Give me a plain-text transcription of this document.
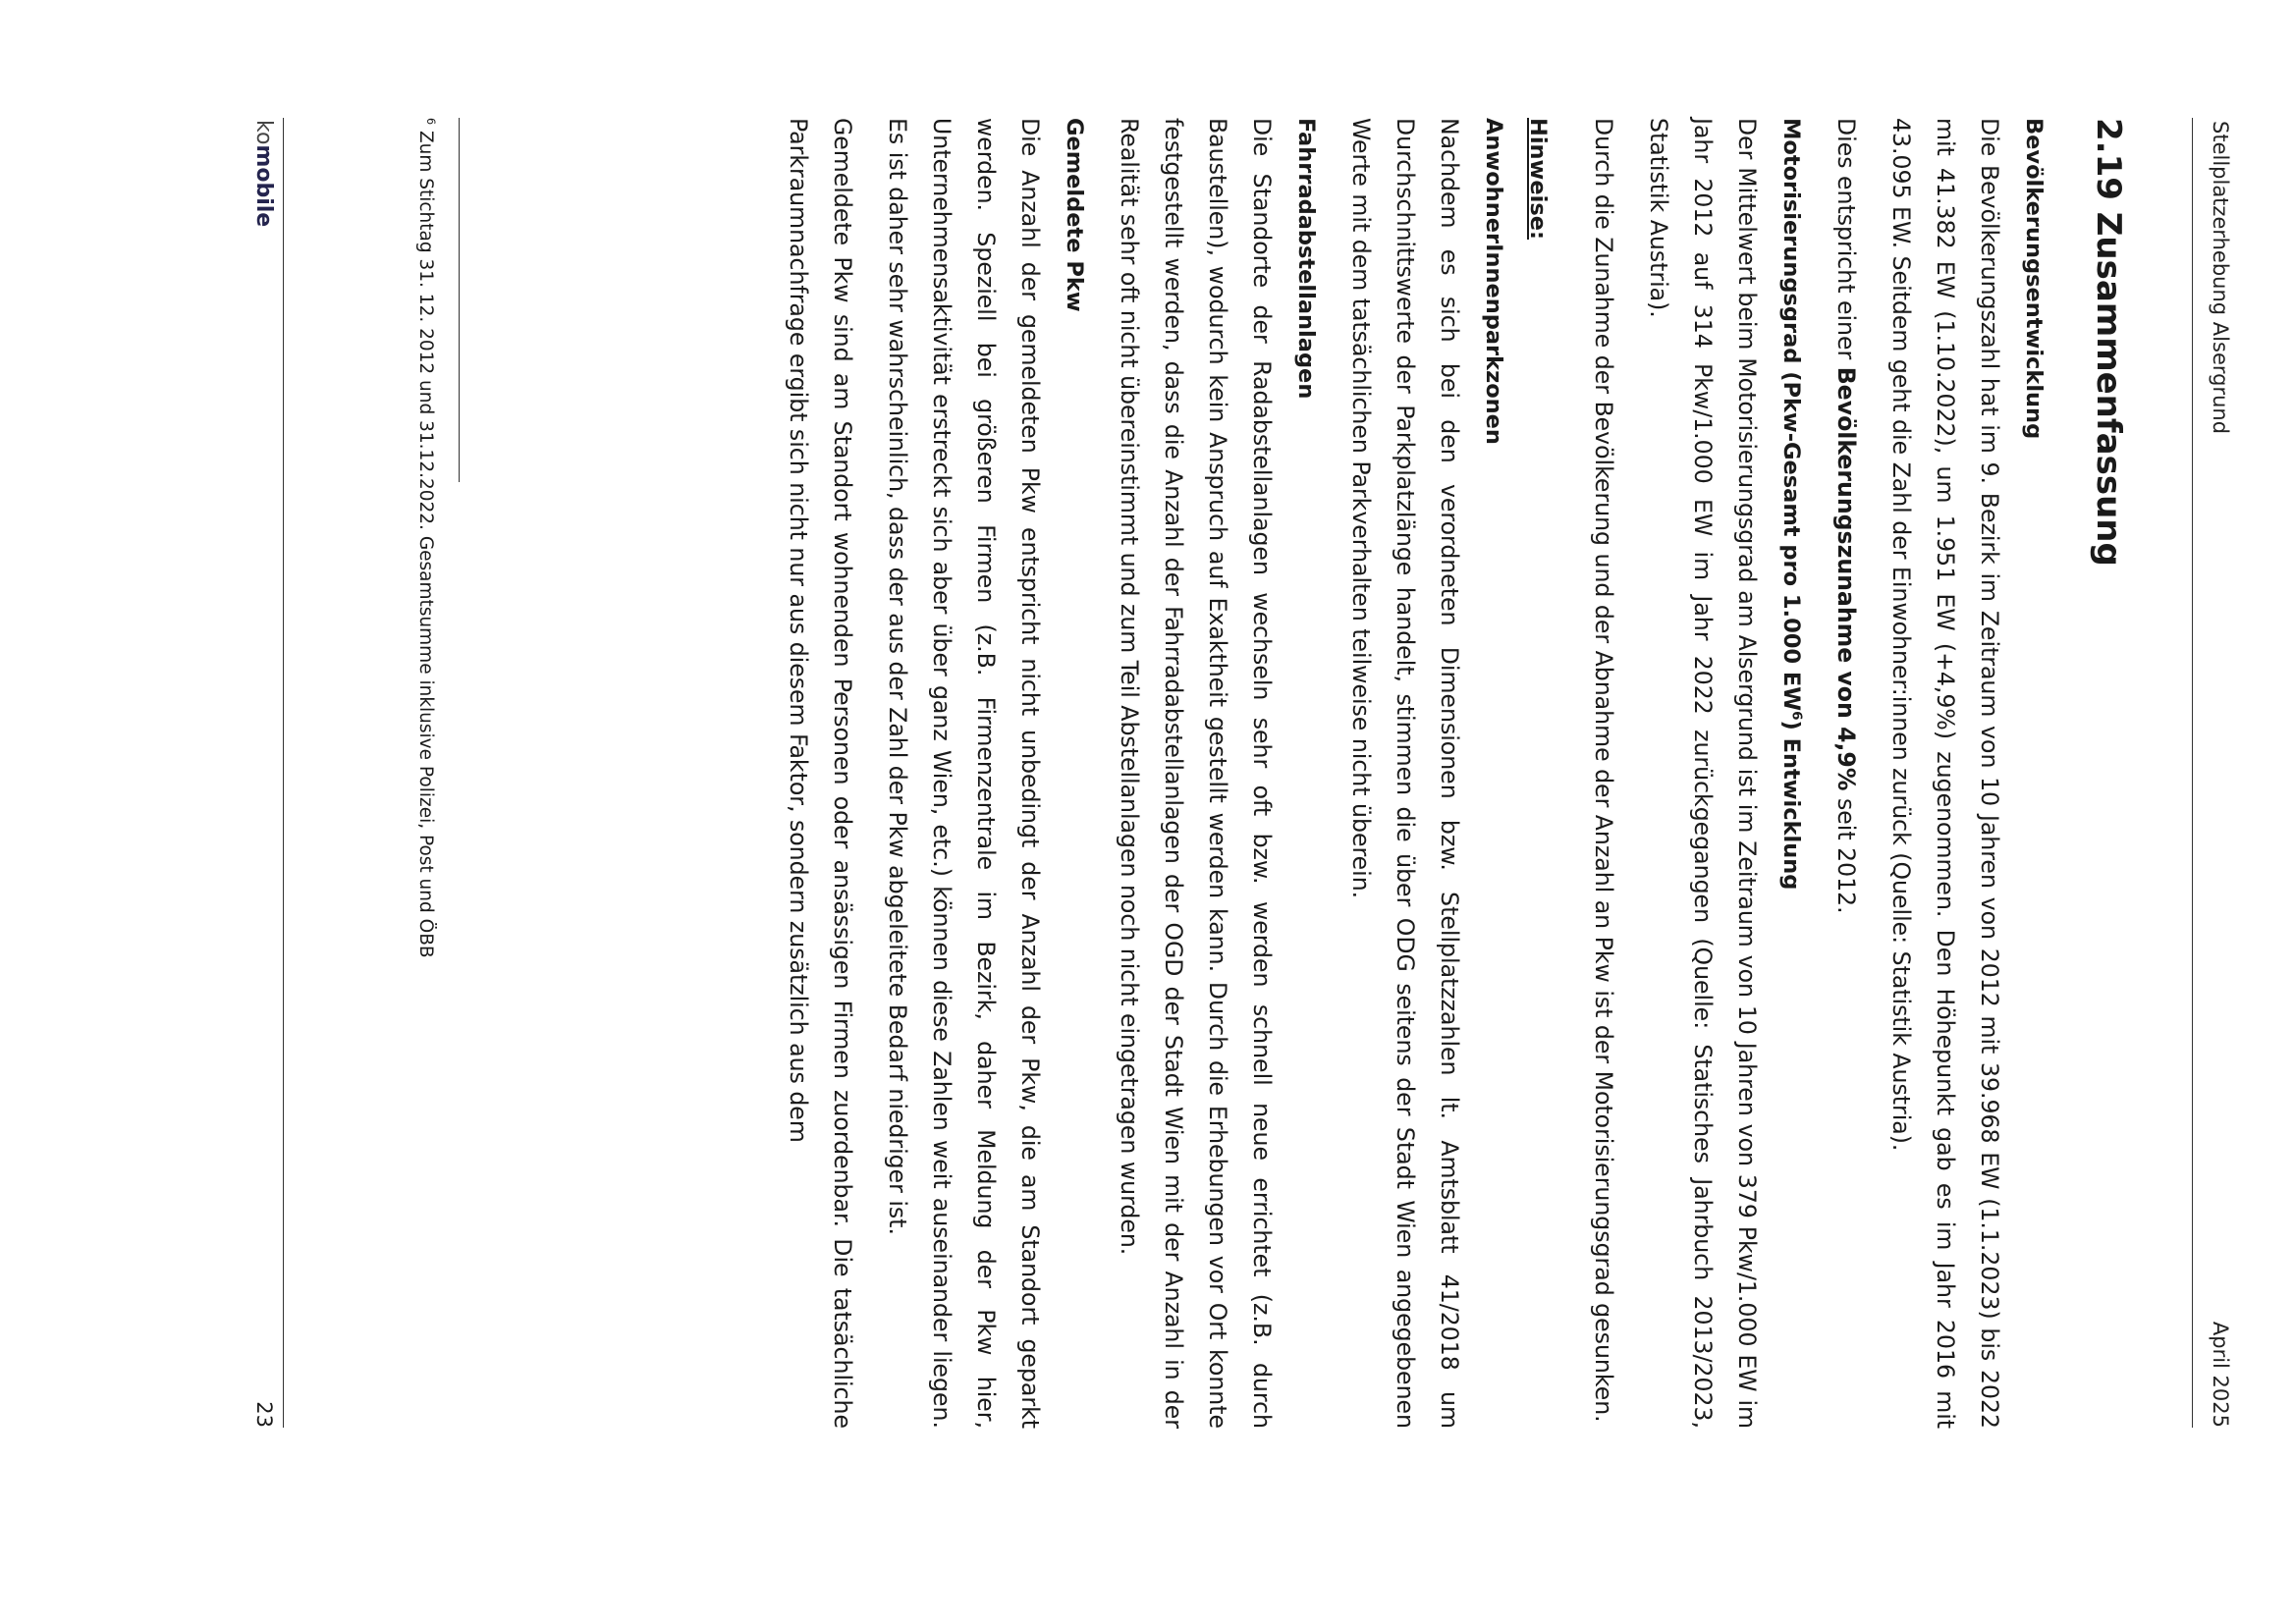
Stellplatzerhebung Alsergrund
April 2025
2.19 Zusammenfassung
Bevölkerungsentwicklung

Die Bevölkerungszahl hat im 9. Bezirk im Zeitraum von 10 Jahren von 2012 mit 39.968 EW (1.1.2023) bis 2022 mit 41.382 EW (1.10.2022), um 1.951 EW (+4,9%) zugenommen. Den Höhepunkt gab es im Jahr 2016 mit 43.095 EW. Seitdem geht die Zahl der Einwohner:innen zurück (Quelle: Statistik Austria).

Dies entspricht einer Bevölkerungszunahme von 4,9% seit 2012.

Motorisierungsgrad (Pkw-Gesamt pro 1.000 $EW^6$) Entwicklung

Der Mittelwert beim Motorisierungsgrad am Alsergrund ist im Zeitraum von 10 Jahren von 379 Pkw/1.000 EW im Jahr 2012 auf 314 Pkw/1.000 EW im Jahr 2022 zurückgegangen (Quelle: Statisches Jahrbuch 2013/2023, Statistik Austria).

Durch die Zunahme der Bevölkerung und der Abnahme der Anzahl an Pkw ist der Motorisierungsgrad gesunken.

Hinweise:
AnwohnerInnenparkzonen

Nachdem es sich bei den verordneten Dimensionen bzw. Stellplatzzahlen lt. Amtsblatt 41/2018 um Durchschnittswerte der Parkplatzlänge handelt, stimmen die über ODG seitens der Stadt Wien angegebenen Werte mit dem tatsächlichen Parkverhalten teilweise nicht überein.

Fahrradabstellanlagen

Die Standorte der Radabstellanlagen wechseln sehr oft bzw. werden schnell neue errichtet (z.B. durch Baustellen), wodurch kein Anspruch auf Exaktheit gestellt werden kann. Durch die Erhebungen vor Ort konnte festgestellt werden, dass die Anzahl der Fahrradabstellanlagen der OGD der Stadt Wien mit der Anzahl in der Realität sehr oft nicht übereinstimmt und zum Teil Abstellanlagen noch nicht eingetragen wurden.

Gemeldete Pkw

Die Anzahl der gemeldeten Pkw entspricht nicht unbedingt der Anzahl der Pkw, die am Standort geparkt werden. Speziell bei größeren Firmen (z.B. Firmenzentrale im Bezirk, daher Meldung der Pkw hier, Unternehmensaktivität erstreckt sich aber über ganz Wien, etc.) können diese Zahlen weit auseinander liegen. Es ist daher sehr wahrscheinlich, dass der aus der Zahl der Pkw abgeleitete Bedarf niedriger ist.

Gemeldete Pkw sind am Standort wohnenden Personen oder ansässigen Firmen zuordenbar. Die tatsächliche Parkraumnachfrage ergibt sich nicht nur aus diesem Faktor, sondern zusätzlich aus dem

$^6$ Zum Stichtag 31. 12. 2012 und 31.12.2022. Gesamtsumme inklusive Polizei, Post und ÖBB
komobile
23
